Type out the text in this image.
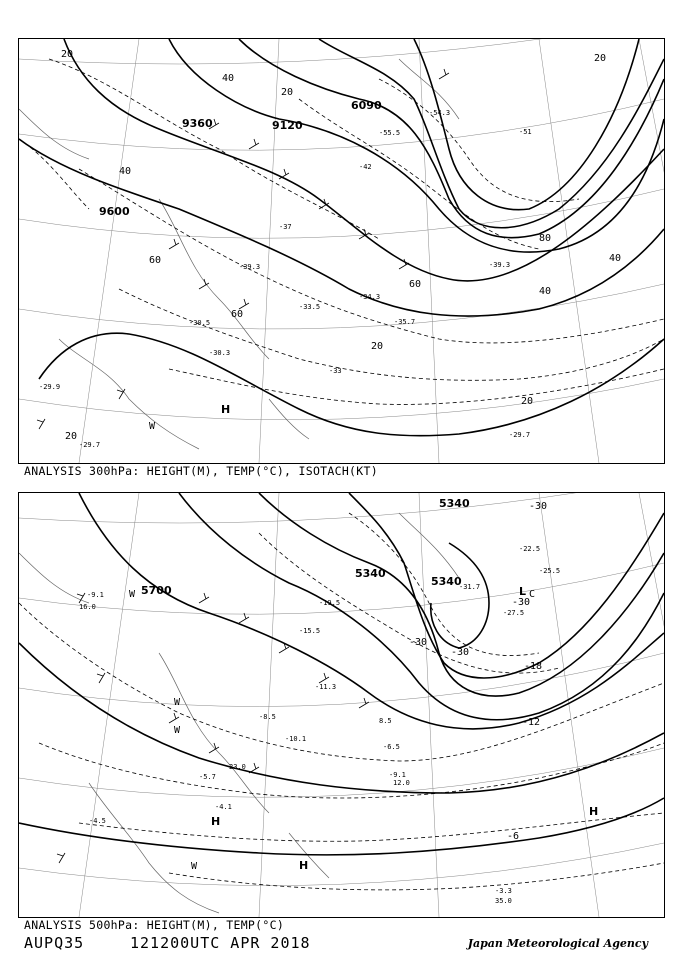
9360	9120
9600
6090
20
40
60
80
40
60
20
40
60
20
20
40
20
20
H
W
-55.5
-54.3
-51
-42
-39.3
-37
-35.7
-34.3
-33
-30.5
-29.7
-29.9
-30.3
-33.5
-39.3
-29.7
ANALYSIS 300hPa: HEIGHT(M), TEMP(°C), ISOTACH(KT)
5700
5340
5340
5340	-30
-30
-30
-18
-12
-6
-30
W
H
H
H
W
W
W
L C
-31.7
-27.5
-19.5
-15.5
-11.3
-10.1
-9.1
-8.5
-6.5
-5.7
-4.5
-4.1
-3.3
-9.1
-22.5
-25.5
23.0
12.0
35.0
16.0
8.5
ANALYSIS 500hPa: HEIGHT(M), TEMP(°C)
AUPQ35	121200UTC APR 2018	Japan Meteorological Agency
